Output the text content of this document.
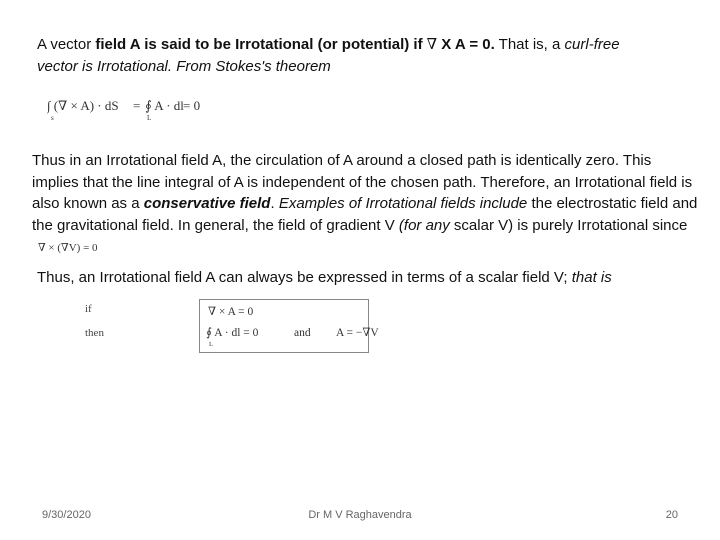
A vector field A is said to be Irrotational (or potential) if ∇ X A = 0. That is, a curl-free
vector is Irrotational. From Stokes's theorem
∫ (∇ × A) · dS
s
= ∮ A · dl
L
= 0
Thus in an Irrotational field A, the circulation of A around a closed path is identically zero. This implies that the line integral of A is independent of the chosen path. Therefore, an Irrotational field is also known as a conservative field. Examples of Irrotational fields include the electrostatic field and the gravitational field. In general, the field of gradient V (for any scalar V) is purely Irrotational since
∇ × (∇V) = 0
Thus, an Irrotational field A can always be expressed in terms of a scalar field V; that is
if
then
∇ × A = 0
∮ A · dl = 0
L
and A = −∇V
9/30/2020	Dr M V Raghavendra	20
